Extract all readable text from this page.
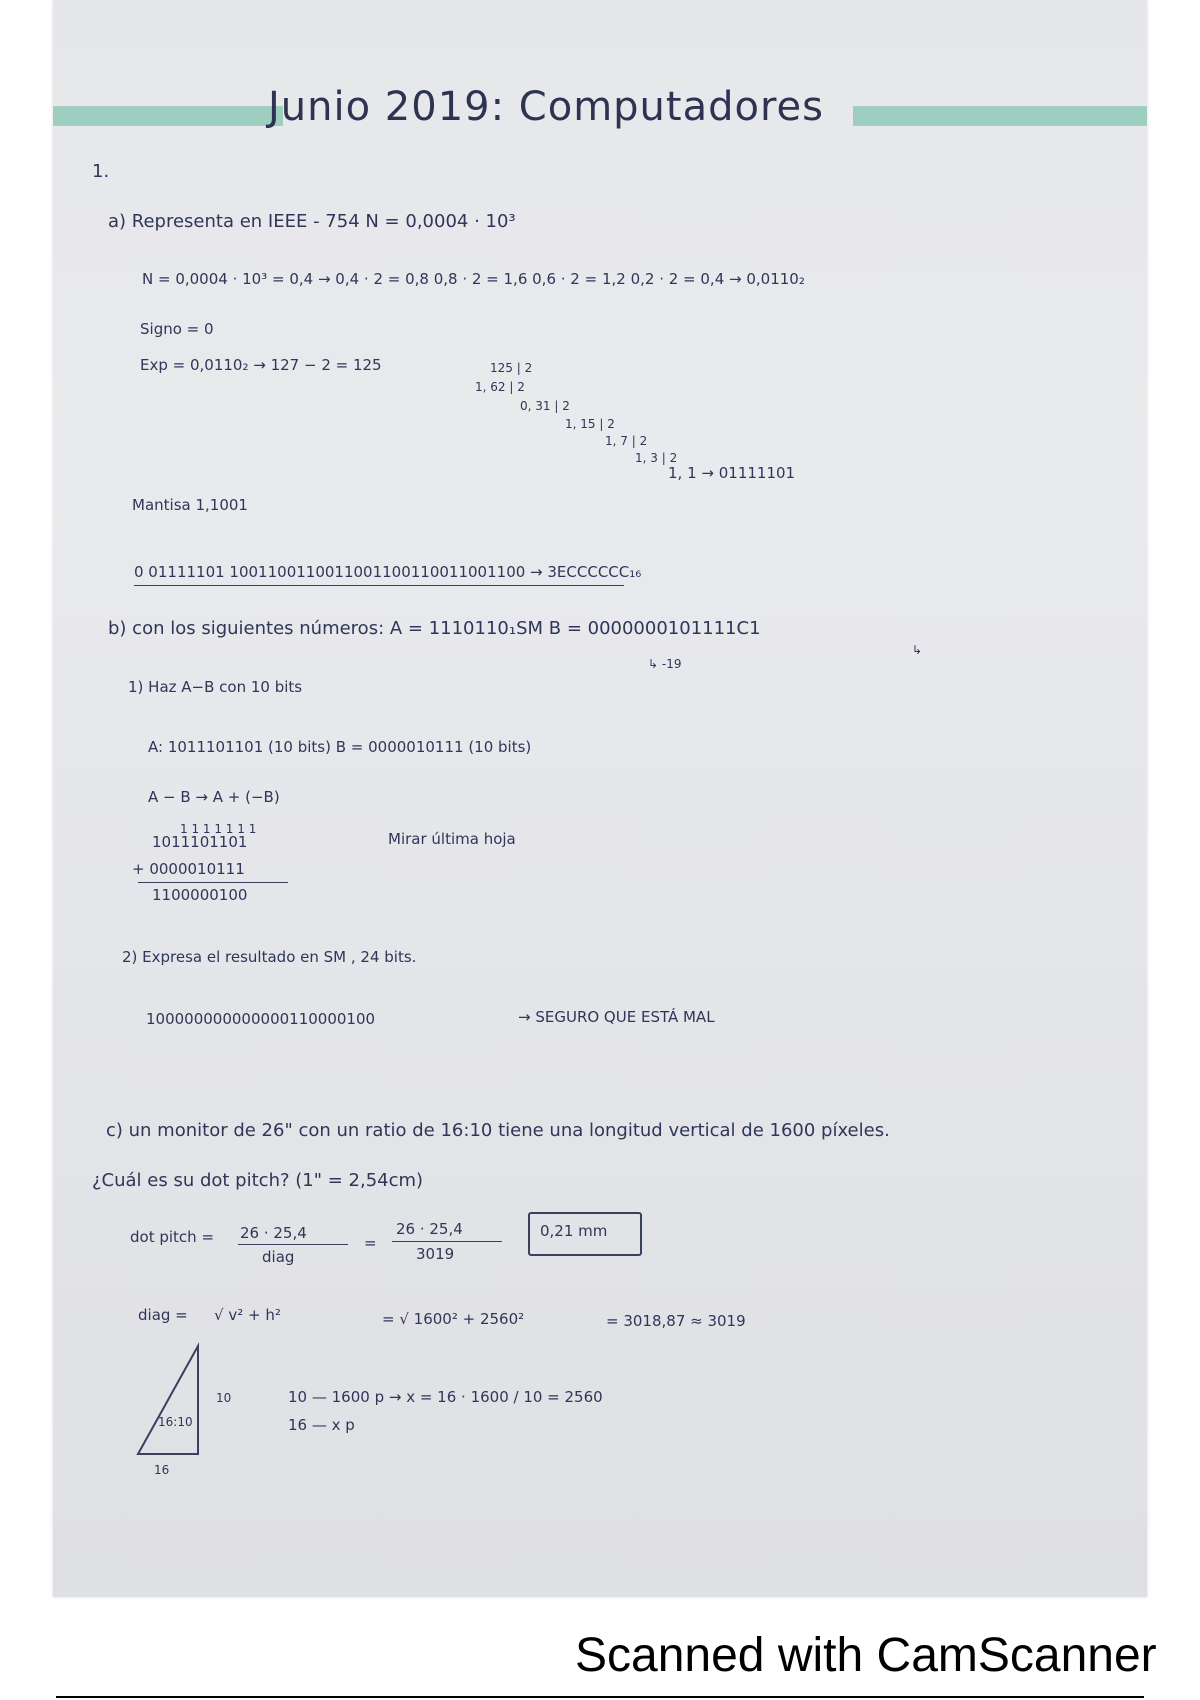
Junio 2019: Computadores
1.
a) Representa en IEEE - 754 N = 0,0004 · 10³
N = 0,0004 · 10³ = 0,4 → 0,4 · 2 = 0,8 0,8 · 2 = 1,6 0,6 · 2 = 1,2 0,2 · 2 = 0,4 → 0,0110₂
Signo = 0
Exp = 0,0110₂ → 127 − 2 = 125	125 | 2
1, 62 | 2
0, 31 | 2
1, 15 | 2
1, 7 | 2
1, 3 | 2
1, 1 → 01111101
Mantisa 1,1001
0 01111101 1001100110011001100110011001100 → 3ECCCCCC₁₆
b) con los siguientes números: A = 1110110₁SM B = 0000000101111C1
↳ -19
↳
1) Haz A−B con 10 bits
A: 1011101101 (10 bits) B = 0000010111 (10 bits)
A − B → A + (−B)
1 1 1 1 1 1 1
1011101101
+ 0000010111
1100000100
Mirar última hoja
2) Expresa el resultado en SM , 24 bits.
100000000000000110000100	→ SEGURO QUE ESTÁ MAL
c) un monitor de 26" con un ratio de 16:10 tiene una longitud vertical de 1600 píxeles.
¿Cuál es su dot pitch? (1" = 2,54cm)
dot pitch = 26 · 25,4
diag
=
26 · 25,4
3019
0,21 mm
diag = √ v² + h²	= √ 1600² + 2560²	= 3018,87 ≈ 3019
10
16:10
16
10 — 1600 p → x = 16 · 1600 / 10 = 2560
16 — x p
Scanned with CamScanner
